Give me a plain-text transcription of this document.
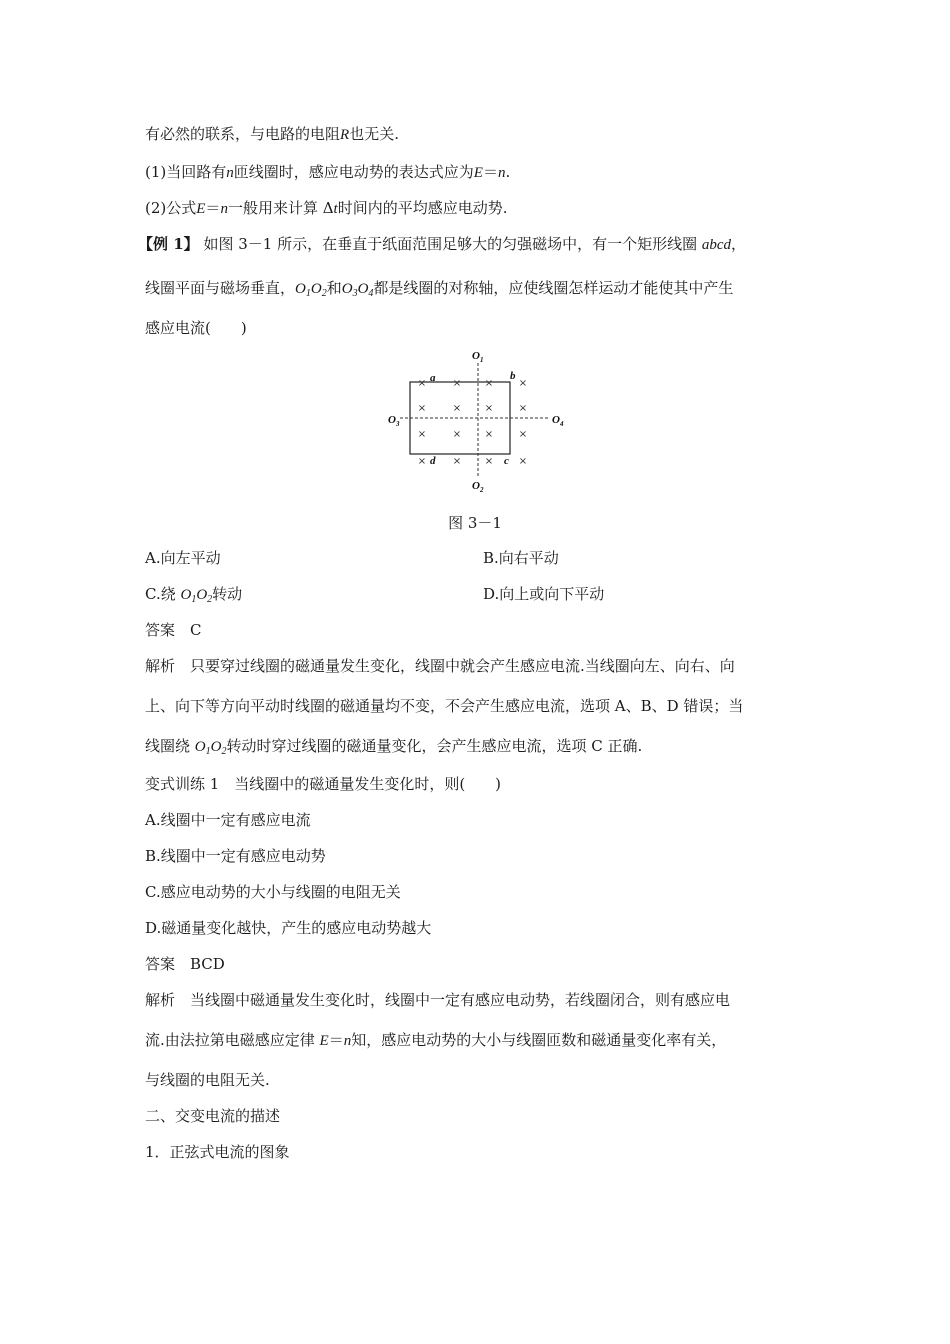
有必然的联系，与电路的电阻R也无关.
(1)当回路有n匝线圈时，感应电动势的表达式应为E＝n.
(2)公式E＝n一般用来计算 Δt时间内的平均感应电动势.
【例 1】 如图 3－1 所示，在垂直于纸面范围足够大的匀强磁场中，有一个矩形线圈 abcd，
线圈平面与磁场垂直，$O_1O_2$和$O_3O_4$都是线圈的对称轴，应使线圈怎样运动才能使其中产生
感应电流(　　)
$O_1$
$O_2$
$O_3$	$O_4$
a	b
c
d
×	× ×	×
×	× ×	×
×	× ×	×
×	× ×	×
图 3－1
A.向左平动	B.向右平动
C.绕 $O_1O_2$转动	D.向上或向下平动
答案　C
解析　只要穿过线圈的磁通量发生变化，线圈中就会产生感应电流.当线圈向左、向右、向
上、向下等方向平动时线圈的磁通量均不变，不会产生感应电流，选项 A、B、D 错误；当
线圈绕 $O_1O_2$转动时穿过线圈的磁通量变化，会产生感应电流，选项 C 正确.
变式训练 1　当线圈中的磁通量发生变化时，则(　　)
A.线圈中一定有感应电流
B.线圈中一定有感应电动势
C.感应电动势的大小与线圈的电阻无关
D.磁通量变化越快，产生的感应电动势越大
答案　BCD
解析　当线圈中磁通量发生变化时，线圈中一定有感应电动势，若线圈闭合，则有感应电
流.由法拉第电磁感应定律 E＝n知，感应电动势的大小与线圈匝数和磁通量变化率有关，
与线圈的电阻无关.
二、交变电流的描述
1．正弦式电流的图象
